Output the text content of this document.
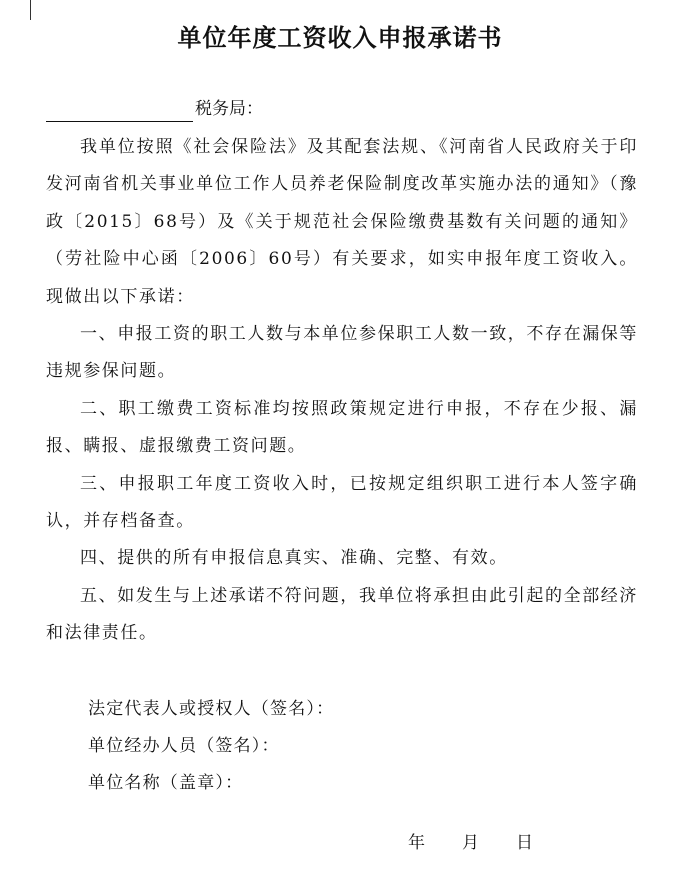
单位年度工资收入申报承诺书
税务局：

我单位按照《社会保险法》及其配套法规、《河南省人民政府关于印发河南省机关事业单位工作人员养老保险制度改革实施办法的通知》（豫政〔2015〕68号）及《关于规范社会保险缴费基数有关问题的通知》（劳社险中心函〔2006〕60号）有关要求，如实申报年度工资收入。现做出以下承诺：

一、申报工资的职工人数与本单位参保职工人数一致，不存在漏保等违规参保问题。

二、职工缴费工资标准均按照政策规定进行申报，不存在少报、漏报、瞒报、虚报缴费工资问题。

三、申报职工年度工资收入时，已按规定组织职工进行本人签字确认，并存档备查。

四、提供的所有申报信息真实、准确、完整、有效。

五、如发生与上述承诺不符问题，我单位将承担由此引起的全部经济和法律责任。

法定代表人或授权人（签名）：
单位经办人员（签名）：
单位名称（盖章）：
年 月 日
